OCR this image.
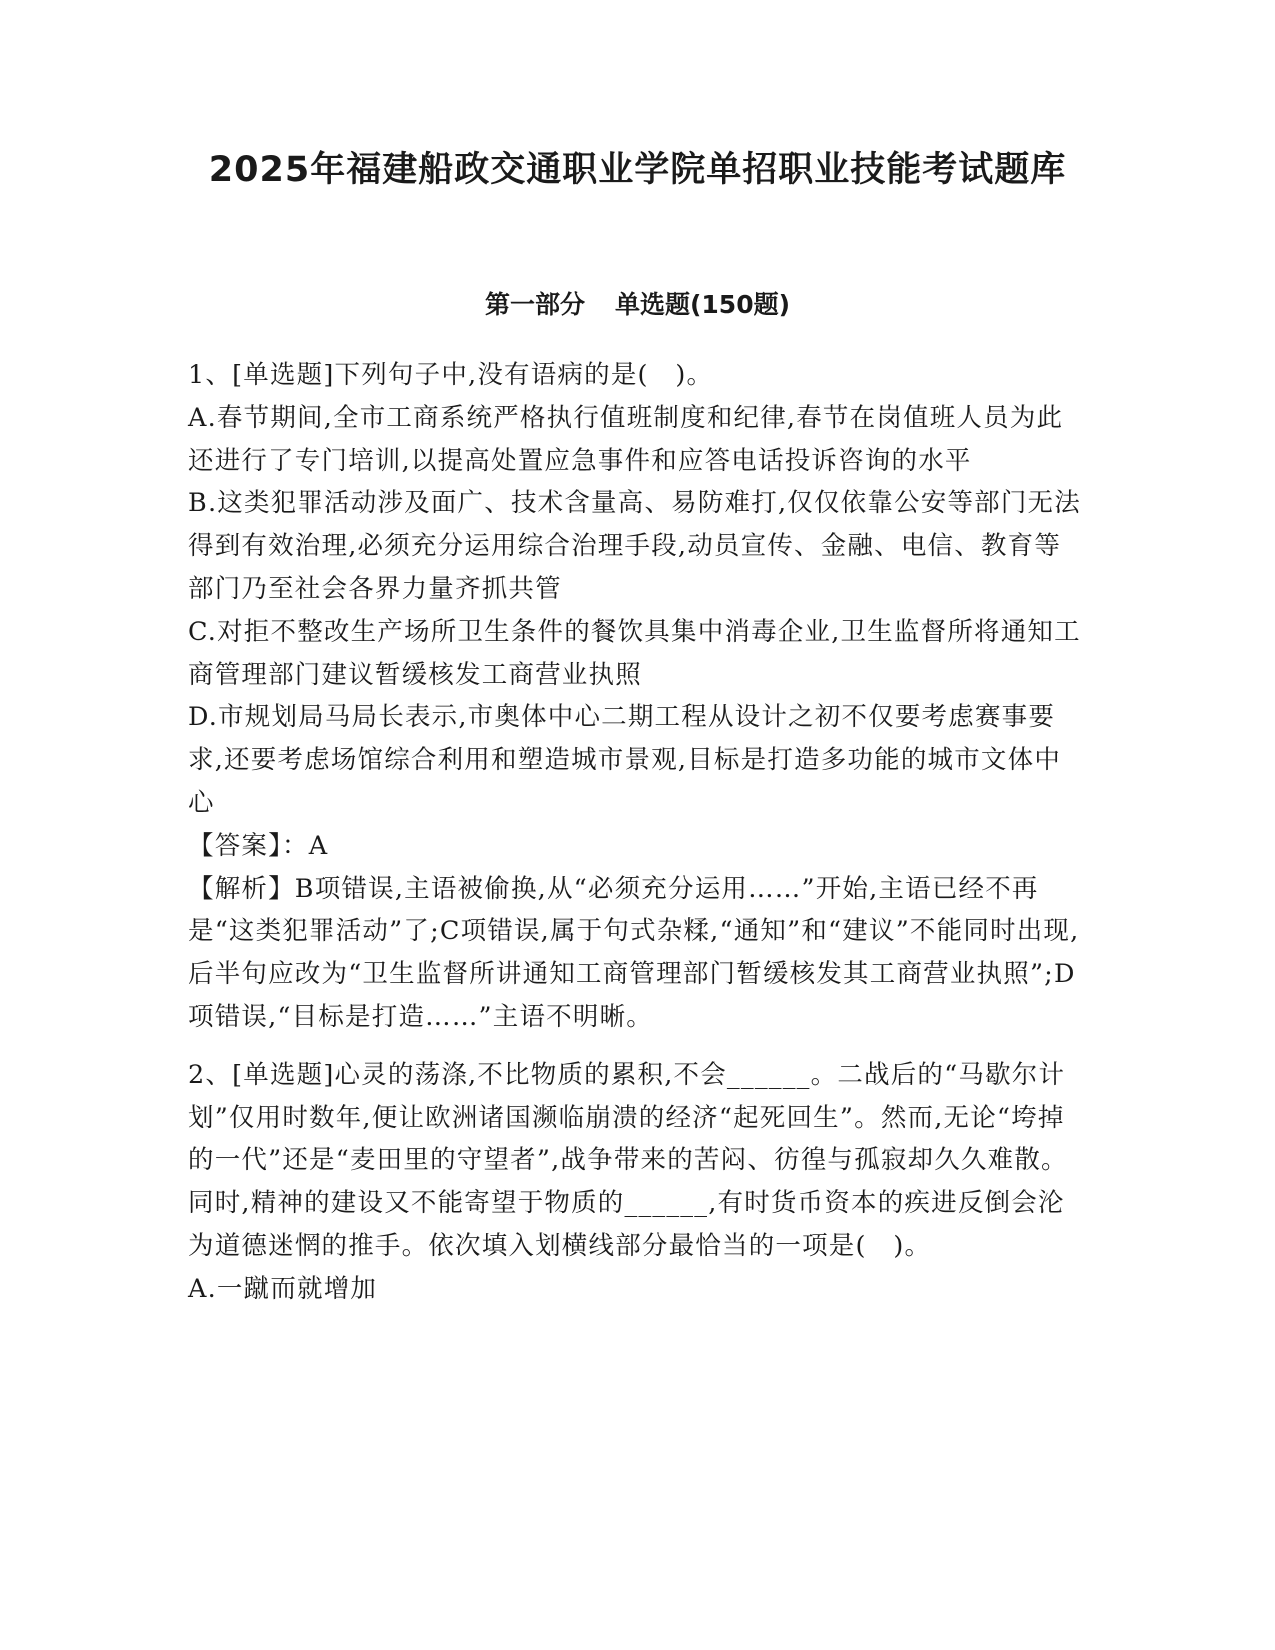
2025年福建船政交通职业学院单招职业技能考试题库
第一部分 单选题(150题)

1、[单选题]下列句子中,没有语病的是(　)。

A.春节期间,全市工商系统严格执行值班制度和纪律,春节在岗值班人员为此还进行了专门培训,以提高处置应急事件和应答电话投诉咨询的水平

B.这类犯罪活动涉及面广、技术含量高、易防难打,仅仅依靠公安等部门无法得到有效治理,必须充分运用综合治理手段,动员宣传、金融、电信、教育等部门乃至社会各界力量齐抓共管

C.对拒不整改生产场所卫生条件的餐饮具集中消毒企业,卫生监督所将通知工商管理部门建议暂缓核发工商营业执照

D.市规划局马局长表示,市奥体中心二期工程从设计之初不仅要考虑赛事要求,还要考虑场馆综合利用和塑造城市景观,目标是打造多功能的城市文体中心

【答案】：A

【解析】B项错误,主语被偷换,从“必须充分运用……”开始,主语已经不再是“这类犯罪活动”了;C项错误,属于句式杂糅,“通知”和“建议”不能同时出现,后半句应改为“卫生监督所讲通知工商管理部门暂缓核发其工商营业执照”;D项错误,“目标是打造……”主语不明晰。

2、[单选题]心灵的荡涤,不比物质的累积,不会______。二战后的“马歇尔计划”仅用时数年,便让欧洲诸国濒临崩溃的经济“起死回生”。然而,无论“垮掉的一代”还是“麦田里的守望者”,战争带来的苦闷、彷徨与孤寂却久久难散。同时,精神的建设又不能寄望于物质的______,有时货币资本的疾进反倒会沦为道德迷惘的推手。依次填入划横线部分最恰当的一项是(　)。

A.一蹴而就增加
